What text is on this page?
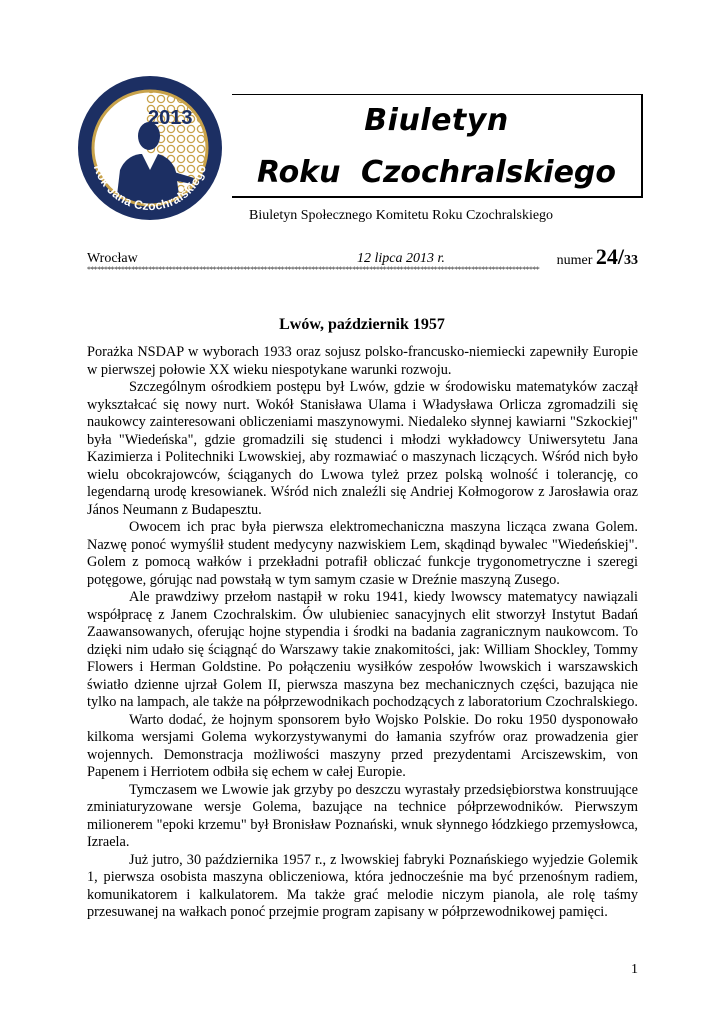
2013
Rok Jana Czochralskiego
Biuletyn
Roku Czochralskiego
Biuletyn Społecznego Komitetu Roku Czochralskiego
Wrocław	12 lipca 2013 r.	numer 24/33
*************************************************************************************************************************************
Lwów, październik 1957

Porażka NSDAP w wyborach 1933 oraz sojusz polsko-francusko-niemiecki zapewniły Europie w pierwszej połowie XX wieku niespotykane warunki rozwoju.

Szczególnym ośrodkiem postępu był Lwów, gdzie w środowisku matematyków zaczął wykształcać się nowy nurt. Wokół Stanisława Ulama i Władysława Orlicza zgromadzili się naukowcy zainteresowani obliczeniami maszynowymi. Niedaleko słynnej kawiarni "Szkockiej" była "Wiedeńska", gdzie gromadzili się studenci i młodzi wykładowcy Uniwersytetu Jana Kazimierza i Politechniki Lwowskiej, aby rozmawiać o maszynach liczących. Wśród nich było wielu obcokrajowców, ściąganych do Lwowa tyleż przez polską wolność i tolerancję, co legendarną urodę kresowianek. Wśród nich znaleźli się Andriej Kołmogorow z Jarosławia oraz János Neumann z Budapesztu.

Owocem ich prac była pierwsza elektromechaniczna maszyna licząca zwana Golem. Nazwę ponoć wymyślił student medycyny nazwiskiem Lem, skądinąd bywalec "Wiedeńskiej". Golem z pomocą wałków i przekładni potrafił obliczać funkcje trygonometryczne i szeregi potęgowe, górując nad powstałą w tym samym czasie w Dreźnie maszyną Zusego.

Ale prawdziwy przełom nastąpił w roku 1941, kiedy lwowscy matematycy nawiązali współpracę z Janem Czochralskim. Ów ulubieniec sanacyjnych elit stworzył Instytut Badań Zaawansowanych, oferując hojne stypendia i środki na badania zagranicznym naukowcom. To dzięki nim udało się ściągnąć do Warszawy takie znakomitości, jak: William Shockley, Tommy Flowers i Herman Goldstine. Po połączeniu wysiłków zespołów lwowskich i warszawskich światło dzienne ujrzał Golem II, pierwsza maszyna bez mechanicznych części, bazująca nie tylko na lampach, ale także na półprzewodnikach pochodzących z laboratorium Czochralskiego.

Warto dodać, że hojnym sponsorem było Wojsko Polskie. Do roku 1950 dysponowało kilkoma wersjami Golema wykorzystywanymi do łamania szyfrów oraz prowadzenia gier wojennych. Demonstracja możliwości maszyny przed prezydentami Arciszewskim, von Papenem i Herriotem odbiła się echem w całej Europie.

Tymczasem we Lwowie jak grzyby po deszczu wyrastały przedsiębiorstwa konstruujące zminiaturyzowane wersje Golema, bazujące na technice półprzewodników. Pierwszym milionerem "epoki krzemu" był Bronisław Poznański, wnuk słynnego łódzkiego przemysłowca, Izraela.

Już jutro, 30 października 1957 r., z lwowskiej fabryki Poznańskiego wyjedzie Golemik 1, pierwsza osobista maszyna obliczeniowa, która jednocześnie ma być przenośnym radiem, komunikatorem i kalkulatorem. Ma także grać melodie niczym pianola, ale rolę taśmy przesuwanej na wałkach ponoć przejmie program zapisany w półprzewodnikowej pamięci.

1
